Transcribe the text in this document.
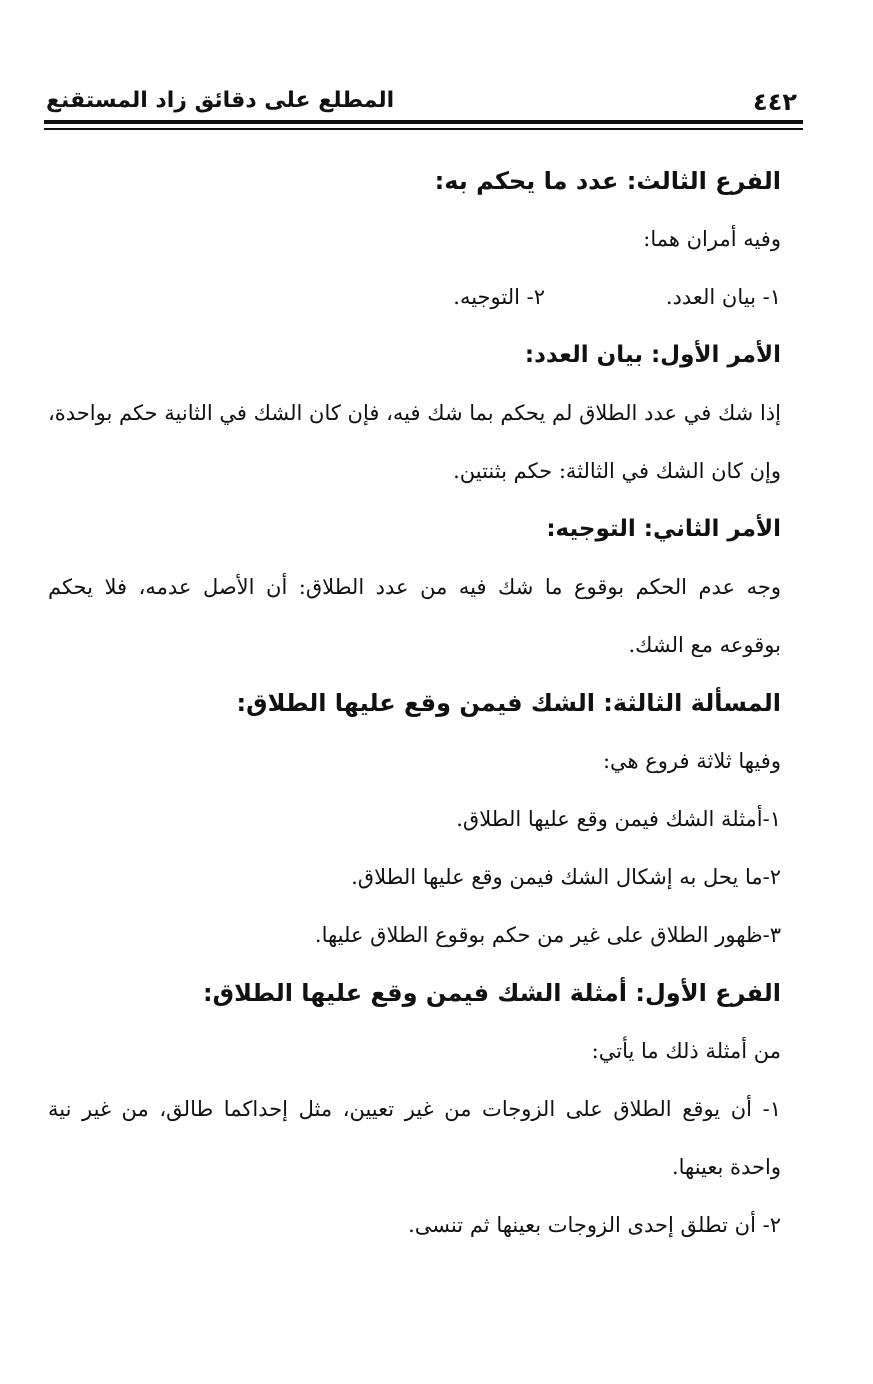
٤٤٢
المطلع على دقائق زاد المستقنع

الفرع الثالث: عدد ما يحكم به:

وفيه أمران هما:

١- بيان العدد.

٢- التوجيه.

الأمر الأول: بيان العدد:

إذا شك في عدد الطلاق لم يحكم بما شك فيه، فإن كان الشك في الثانية حكم بواحدة، وإن كان الشك في الثالثة: حكم بثنتين.

الأمر الثاني: التوجيه:

وجه عدم الحكم بوقوع ما شك فيه من عدد الطلاق: أن الأصل عدمه، فلا يحكم بوقوعه مع الشك.

المسألة الثالثة: الشك فيمن وقع عليها الطلاق:

وفيها ثلاثة فروع هي:

١-أمثلة الشك فيمن وقع عليها الطلاق.

٢-ما يحل به إشكال الشك فيمن وقع عليها الطلاق.

٣-ظهور الطلاق على غير من حكم بوقوع الطلاق عليها.

الفرع الأول: أمثلة الشك فيمن وقع عليها الطلاق:

من أمثلة ذلك ما يأتي:

١- أن يوقع الطلاق على الزوجات من غير تعيين، مثل إحداكما طالق، من غير نية واحدة بعينها.

٢- أن تطلق إحدى الزوجات بعينها ثم تنسى.
